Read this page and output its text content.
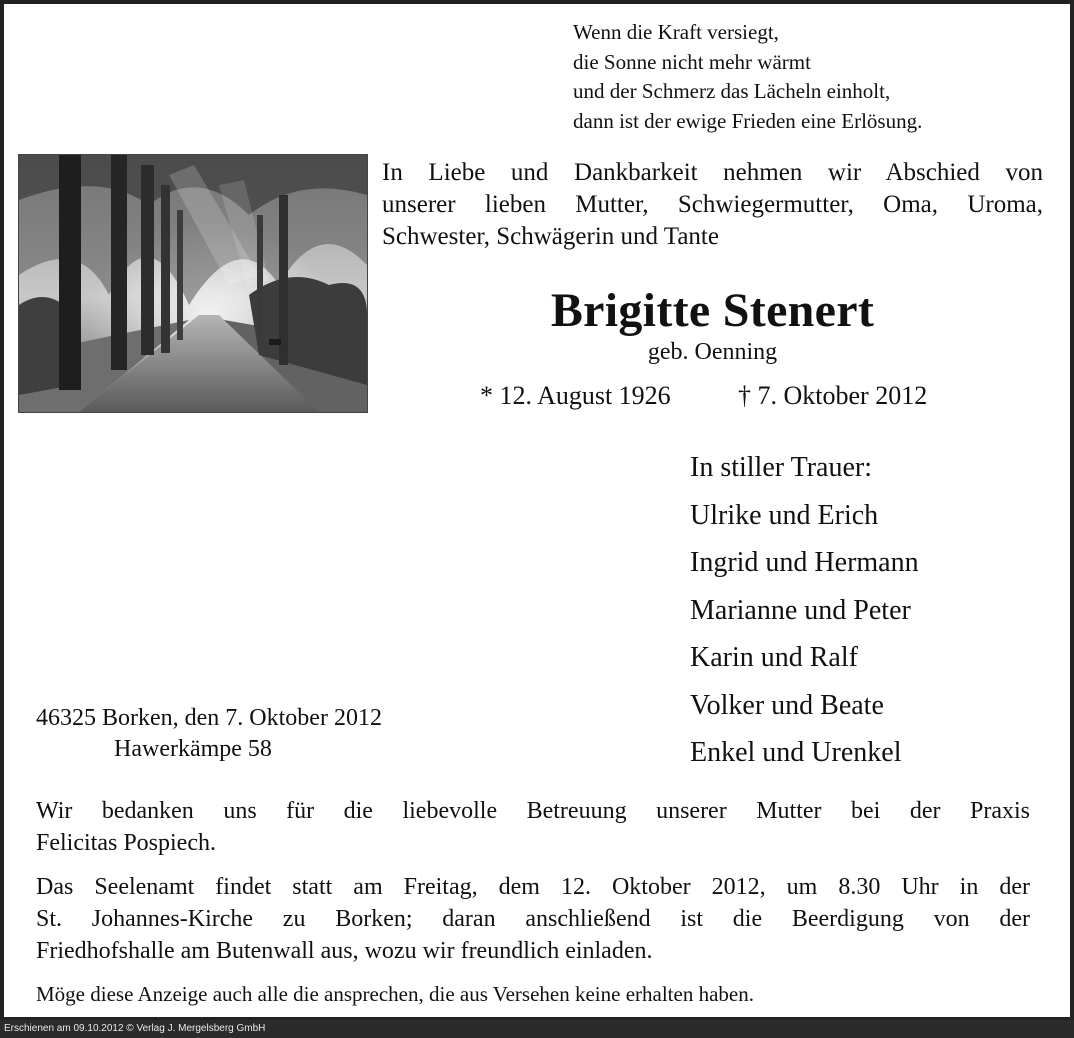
Wenn die Kraft versiegt,
die Sonne nicht mehr wärmt
und der Schmerz das Lächeln einholt,
dann ist der ewige Frieden eine Erlösung.
In Liebe und Dankbarkeit nehmen wir Abschied von
unserer lieben Mutter, Schwiegermutter, Oma, Uroma,
Schwester, Schwägerin und Tante
Brigitte Stenert
geb. Oenning
* 12. August 1926	† 7. Oktober 2012
In stiller Trauer:
Ulrike und Erich
Ingrid und Hermann
Marianne und Peter
Karin und Ralf
Volker und Beate
Enkel und Urenkel
46325 Borken, den 7. Oktober 2012
Hawerkämpe 58
Wir bedanken uns für die liebevolle Betreuung unserer Mutter bei der Praxis
Felicitas Pospiech.
Das Seelenamt findet statt am Freitag, dem 12. Oktober 2012, um 8.30 Uhr in der
St. Johannes-Kirche zu Borken; daran anschließend ist die Beerdigung von der
Friedhofshalle am Butenwall aus, wozu wir freundlich einladen.
Möge diese Anzeige auch alle die ansprechen, die aus Versehen keine erhalten haben.
Erschienen am 09.10.2012 © Verlag J. Mergelsberg GmbH
